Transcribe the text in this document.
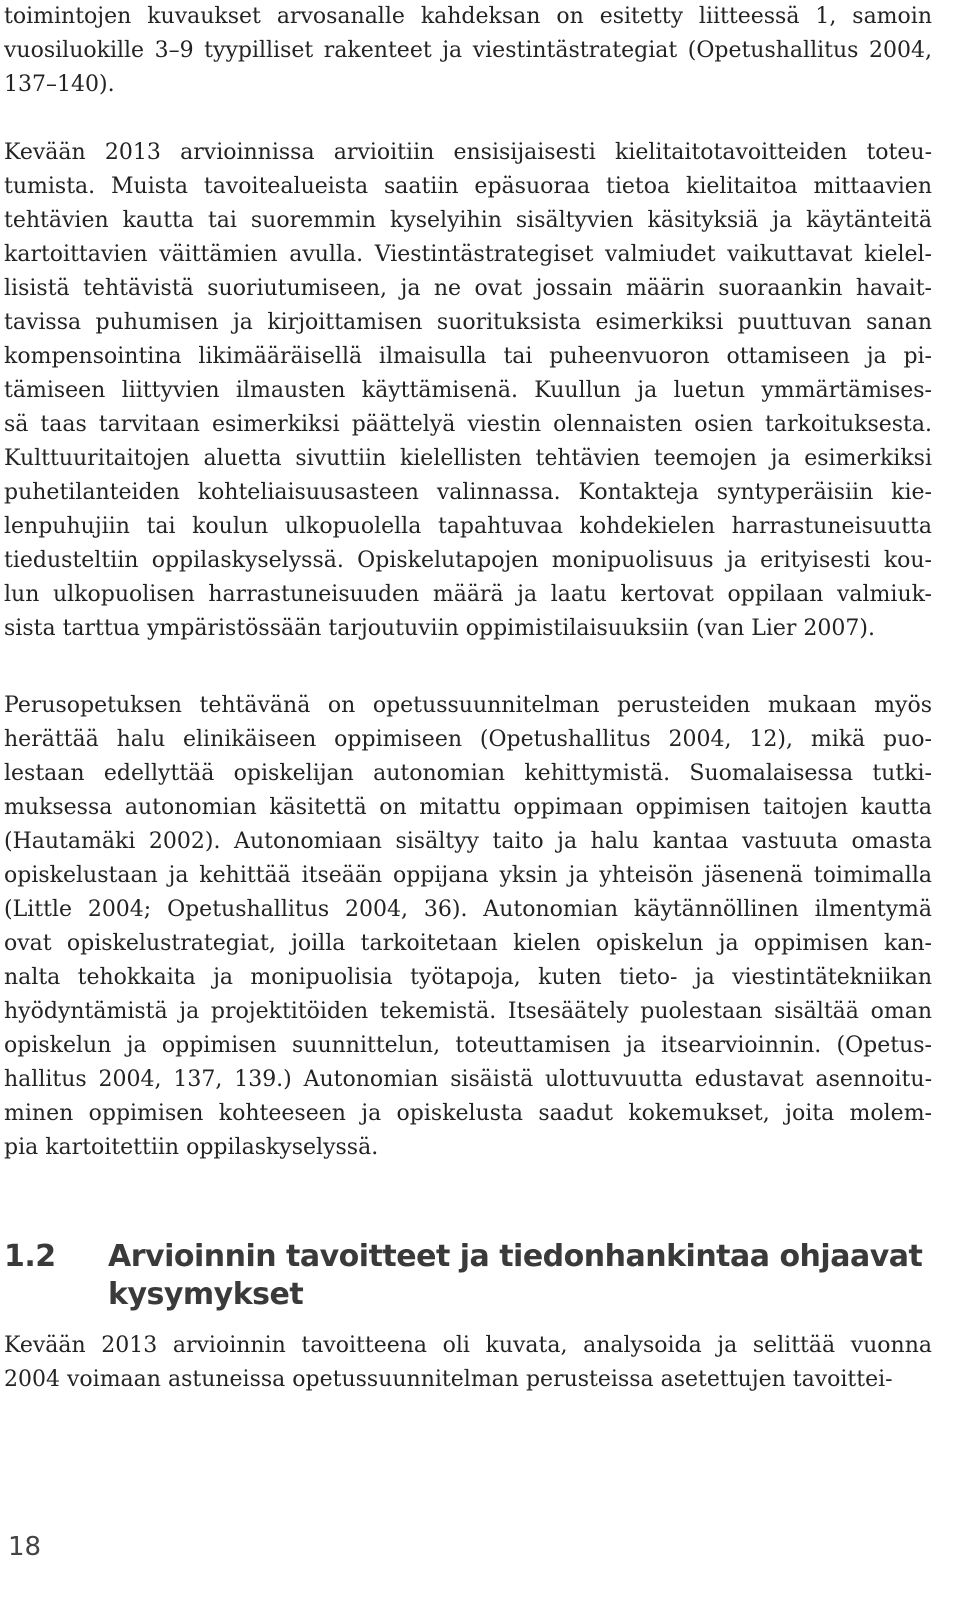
toimintojen kuvaukset arvosanalle kahdeksan on esitetty liitteessä 1, samoin
vuosiluokille 3–9 tyypilliset rakenteet ja viestintästrategiat (Opetushallitus 2004,
137–140).
Kevään 2013 arvioinnissa arvioitiin ensisijaisesti kielitaitotavoitteiden toteu-
tumista. Muista tavoitealueista saatiin epäsuoraa tietoa kielitaitoa mittaavien
tehtävien kautta tai suoremmin kyselyihin sisältyvien käsityksiä ja käytänteitä
kartoittavien väittämien avulla. Viestintästrategiset valmiudet vaikuttavat kielel-
lisistä tehtävistä suoriutumiseen, ja ne ovat jossain määrin suoraankin havait-
tavissa puhumisen ja kirjoittamisen suorituksista esimerkiksi puuttuvan sanan
kompensointina likimääräisellä ilmaisulla tai puheenvuoron ottamiseen ja pi-
tämiseen liittyvien ilmausten käyttämisenä. Kuullun ja luetun ymmärtämises-
sä taas tarvitaan esimerkiksi päättelyä viestin olennaisten osien tarkoituksesta.
Kulttuuritaitojen aluetta sivuttiin kielellisten tehtävien teemojen ja esimerkiksi
puhetilanteiden kohteliaisuusasteen valinnassa. Kontakteja syntyperäisiin kie-
lenpuhujiin tai koulun ulkopuolella tapahtuvaa kohdekielen harrastuneisuutta
tiedusteltiin oppilaskyselyssä. Opiskelutapojen monipuolisuus ja erityisesti kou-
lun ulkopuolisen harrastuneisuuden määrä ja laatu kertovat oppilaan valmiuk-
sista tarttua ympäristössään tarjoutuviin oppimistilaisuuksiin (van Lier 2007).
Perusopetuksen tehtävänä on opetussuunnitelman perusteiden mukaan myös
herättää halu elinikäiseen oppimiseen (Opetushallitus 2004, 12), mikä puo-
lestaan edellyttää opiskelijan autonomian kehittymistä. Suomalaisessa tutki-
muksessa autonomian käsitettä on mitattu oppimaan oppimisen taitojen kautta
(Hautamäki 2002). Autonomiaan sisältyy taito ja halu kantaa vastuuta omasta
opiskelustaan ja kehittää itseään oppijana yksin ja yhteisön jäsenenä toimimalla
(Little 2004; Opetushallitus 2004, 36). Autonomian käytännöllinen ilmentymä
ovat opiskelustrategiat, joilla tarkoitetaan kielen opiskelun ja oppimisen kan-
nalta tehokkaita ja monipuolisia työtapoja, kuten tieto- ja viestintätekniikan
hyödyntämistä ja projektitöiden tekemistä. Itsesäätely puolestaan sisältää oman
opiskelun ja oppimisen suunnittelun, toteuttamisen ja itsearvioinnin. (Opetus-
hallitus 2004, 137, 139.) Autonomian sisäistä ulottuvuutta edustavat asennoitu-
minen oppimisen kohteeseen ja opiskelusta saadut kokemukset, joita molem-
pia kartoitettiin oppilaskyselyssä.
1.2 Arvioinnin tavoitteet ja tiedonhankintaa ohjaavat
kysymykset
Kevään 2013 arvioinnin tavoitteena oli kuvata, analysoida ja selittää vuonna
2004 voimaan astuneissa opetussuunnitelman perusteissa asetettujen tavoittei-
18
